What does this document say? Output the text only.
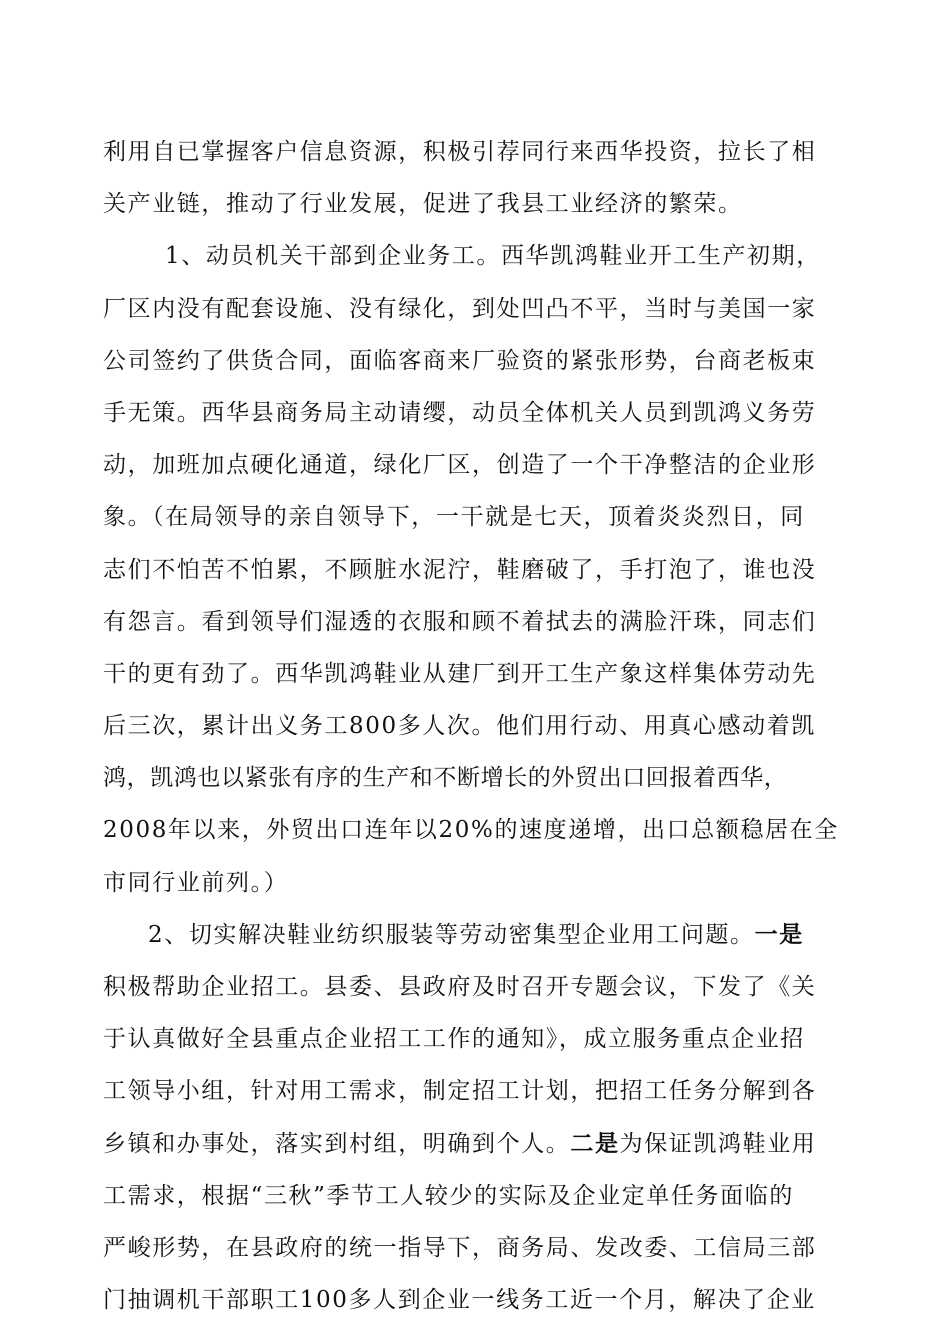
利用自已掌握客户信息资源，积极引荐同行来西华投资，拉长了相
关产业链，推动了行业发展，促进了我县工业经济的繁荣。
1、动员机关干部到企业务工。西华凯鸿鞋业开工生产初期，
厂区内没有配套设施、没有绿化，到处凹凸不平，当时与美国一家
公司签约了供货合同，面临客商来厂验资的紧张形势，台商老板束
手无策。西华县商务局主动请缨，动员全体机关人员到凯鸿义务劳
动，加班加点硬化通道，绿化厂区，创造了一个干净整洁的企业形
象。（在局领导的亲自领导下，一干就是七天，顶着炎炎烈日，同
志们不怕苦不怕累，不顾脏水泥泞，鞋磨破了，手打泡了，谁也没
有怨言。看到领导们湿透的衣服和顾不着拭去的满脸汗珠，同志们
干的更有劲了。西华凯鸿鞋业从建厂到开工生产象这样集体劳动先
后三次，累计出义务工800多人次。他们用行动、用真心感动着凯
鸿，凯鸿也以紧张有序的生产和不断增长的外贸出口回报着西华，
2008年以来，外贸出口连年以20%的速度递增，出口总额稳居在全
市同行业前列。）
2、切实解决鞋业纺织服装等劳动密集型企业用工问题。一是
积极帮助企业招工。县委、县政府及时召开专题会议，下发了《关
于认真做好全县重点企业招工工作的通知》，成立服务重点企业招
工领导小组，针对用工需求，制定招工计划，把招工任务分解到各
乡镇和办事处，落实到村组，明确到个人。二是为保证凯鸿鞋业用
工需求，根据“三秋”季节工人较少的实际及企业定单任务面临的
严峻形势，在县政府的统一指导下，商务局、发改委、工信局三部
门抽调机干部职工100多人到企业一线务工近一个月，解决了企业
